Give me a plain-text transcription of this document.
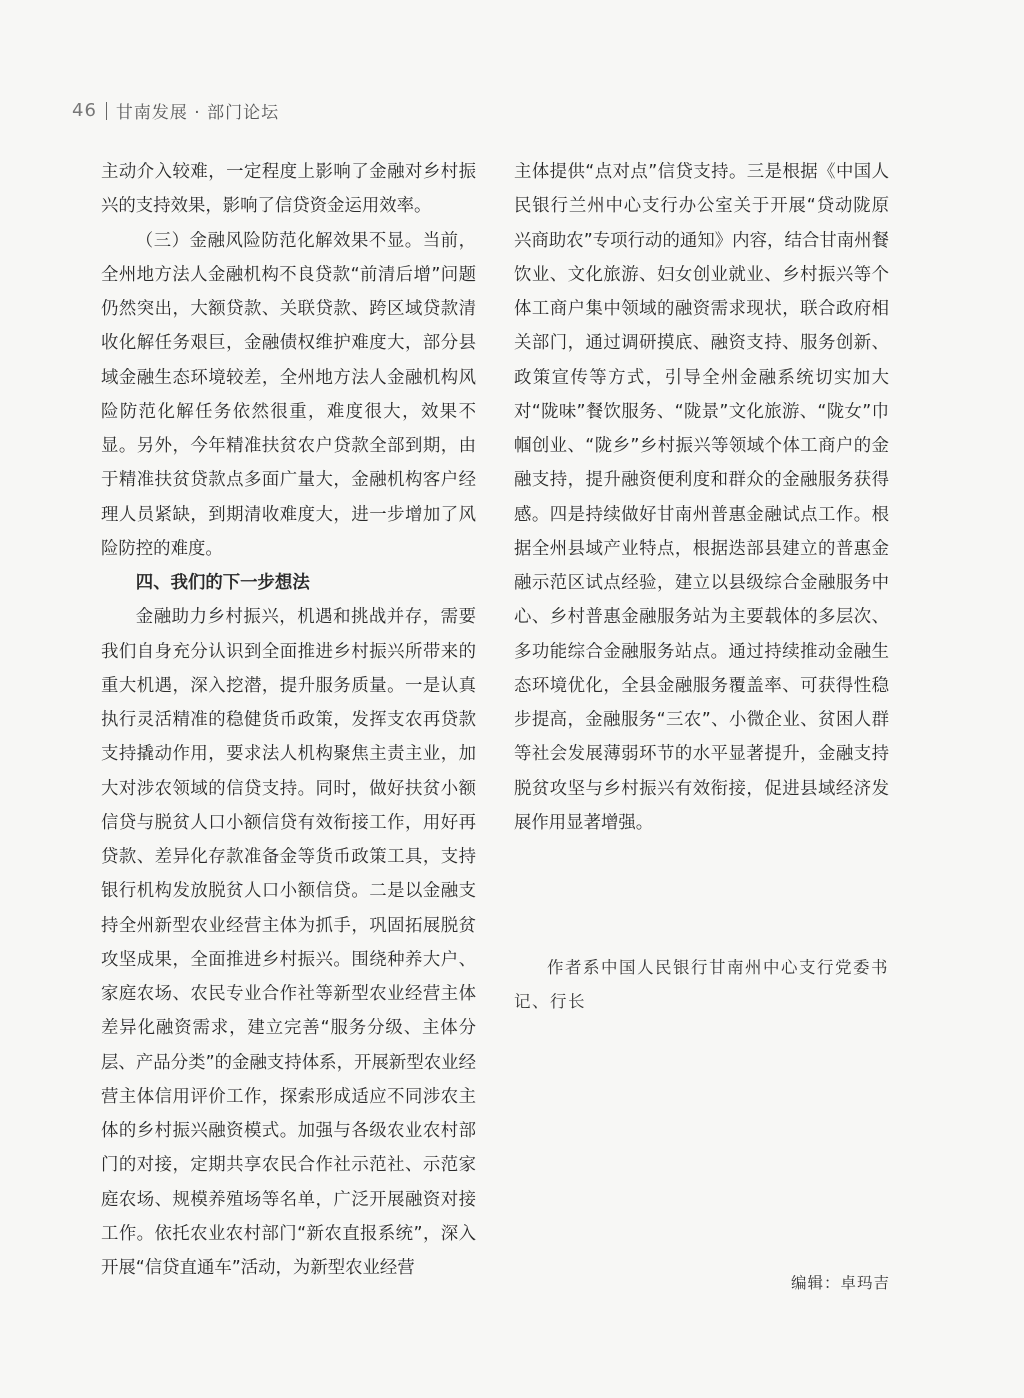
46 甘南发展 · 部门论坛

主动介入较难，一定程度上影响了金融对乡村振兴的支持效果，影响了信贷资金运用效率。

（三）金融风险防范化解效果不显。当前，全州地方法人金融机构不良贷款“前清后增”问题仍然突出，大额贷款、关联贷款、跨区域贷款清收化解任务艰巨，金融债权维护难度大，部分县域金融生态环境较差，全州地方法人金融机构风险防范化解任务依然很重，难度很大，效果不显。另外，今年精准扶贫农户贷款全部到期，由于精准扶贫贷款点多面广量大，金融机构客户经理人员紧缺，到期清收难度大，进一步增加了风险防控的难度。

四、我们的下一步想法

金融助力乡村振兴，机遇和挑战并存，需要我们自身充分认识到全面推进乡村振兴所带来的重大机遇，深入挖潜，提升服务质量。一是认真执行灵活精准的稳健货币政策，发挥支农再贷款支持撬动作用，要求法人机构聚焦主责主业，加大对涉农领域的信贷支持。同时，做好扶贫小额信贷与脱贫人口小额信贷有效衔接工作，用好再贷款、差异化存款准备金等货币政策工具，支持银行机构发放脱贫人口小额信贷。二是以金融支持全州新型农业经营主体为抓手，巩固拓展脱贫攻坚成果，全面推进乡村振兴。围绕种养大户、家庭农场、农民专业合作社等新型农业经营主体差异化融资需求，建立完善“服务分级、主体分层、产品分类”的金融支持体系，开展新型农业经营主体信用评价工作，探索形成适应不同涉农主体的乡村振兴融资模式。加强与各级农业农村部门的对接，定期共享农民合作社示范社、示范家庭农场、规模养殖场等名单，广泛开展融资对接工作。依托农业农村部门“新农直报系统”，深入开展“信贷直通车”活动，为新型农业经营

主体提供“点对点”信贷支持。三是根据《中国人民银行兰州中心支行办公室关于开展“贷动陇原 兴商助农”专项行动的通知》内容，结合甘南州餐饮业、文化旅游、妇女创业就业、乡村振兴等个体工商户集中领域的融资需求现状，联合政府相关部门，通过调研摸底、融资支持、服务创新、政策宣传等方式，引导全州金融系统切实加大对“陇味”餐饮服务、“陇景”文化旅游、“陇女”巾帼创业、“陇乡”乡村振兴等领域个体工商户的金融支持，提升融资便利度和群众的金融服务获得感。四是持续做好甘南州普惠金融试点工作。根据全州县域产业特点，根据迭部县建立的普惠金融示范区试点经验，建立以县级综合金融服务中心、乡村普惠金融服务站为主要载体的多层次、多功能综合金融服务站点。通过持续推动金融生态环境优化，全县金融服务覆盖率、可获得性稳步提高，金融服务“三农”、小微企业、贫困人群等社会发展薄弱环节的水平显著提升，金融支持脱贫攻坚与乡村振兴有效衔接，促进县域经济发展作用显著增强。

作者系中国人民银行甘南州中心支行党委书记、行长
编辑：卓玛吉
